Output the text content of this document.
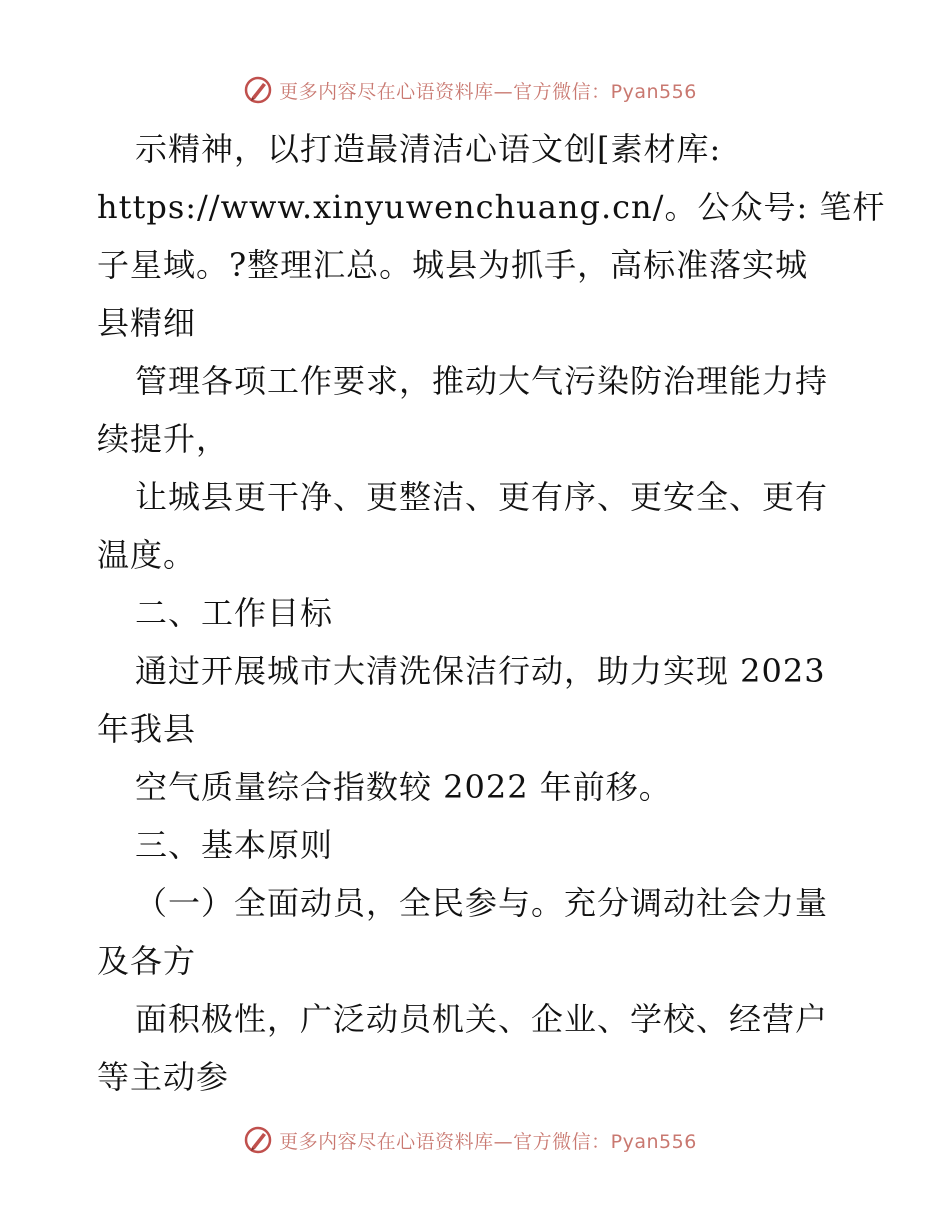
更多内容尽在心语资料库—官方微信：Pyan556
示精神，以打造最清洁心语文创[素材库:
https://www.xinyuwenchuang.cn/。公众号: 笔杆
子星域。?整理汇总。城县为抓手，高标准落实城
县精细
管理各项工作要求，推动大气污染防治理能力持
续提升，
让城县更干净、更整洁、更有序、更安全、更有
温度。
二、工作目标
通过开展城市大清洗保洁行动，助力实现 2023
年我县
空气质量综合指数较 2022 年前移。
三、基本原则
（一）全面动员，全民参与。充分调动社会力量
及各方
面积极性，广泛动员机关、企业、学校、经营户
等主动参
更多内容尽在心语资料库—官方微信：Pyan556
